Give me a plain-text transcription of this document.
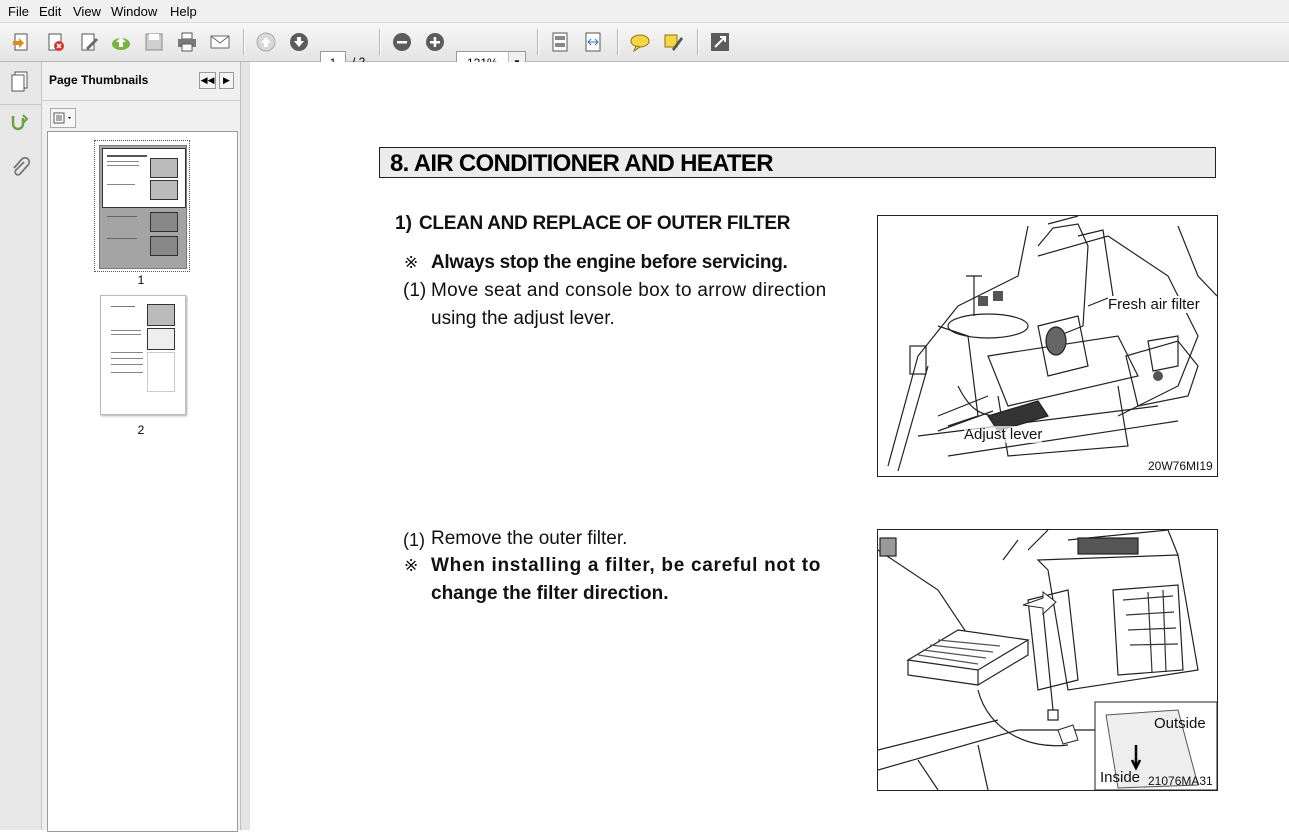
File Edit View Window Help
Page Thumbnails	◀◀ ▶
1
2
8. AIR CONDITIONER AND HEATER
1) CLEAN AND REPLACE OF OUTER FILTER
※ Always stop the engine before servicing.
(1) Move seat and console box to arrow direction
using the adjust lever.
Fresh air filter
Adjust lever
20W76MI19
(1) Remove the outer filter.
※ When installing a filter, be careful not to
change the filter direction.
Outside
Inside 21076MA31
